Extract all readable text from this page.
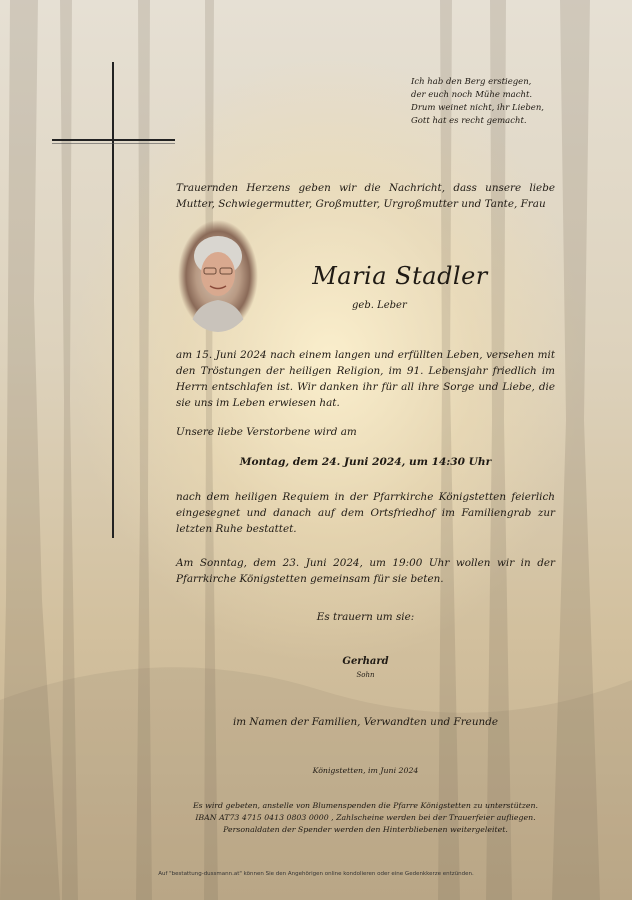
Ich hab den Berg erstiegen,
der euch noch Mühe macht.
Drum weinet nicht, ihr Lieben,
Gott hat es recht gemacht.
Trauernden Herzens geben wir die Nachricht, dass unsere liebe Mutter, Schwiegermutter, Großmutter, Urgroßmutter und Tante, Frau
Maria Stadler
geb. Leber
am 15. Juni 2024 nach einem langen und erfüllten Leben, versehen mit den Tröstungen der heiligen Religion, im 91. Lebensjahr friedlich im Herrn entschlafen ist. Wir danken ihr für all ihre Sorge und Liebe, die sie uns im Leben erwiesen hat.
Unsere liebe Verstorbene wird am
Montag, dem 24. Juni 2024, um 14:30 Uhr
nach dem heiligen Requiem in der Pfarrkirche Königstetten feierlich eingesegnet und danach auf dem Ortsfriedhof im Familiengrab zur letzten Ruhe bestattet.
Am Sonntag, dem 23. Juni 2024, um 19:00 Uhr wollen wir in der Pfarrkirche Königstetten gemeinsam für sie beten.
Es trauern um sie:
Gerhard
Sohn
im Namen der Familien, Verwandten und Freunde
Königstetten, im Juni 2024
Es wird gebeten, anstelle von Blumenspenden die Pfarre Königstetten zu unterstützen.
IBAN AT73 4715 0413 0803 0000 , Zahlscheine werden bei der Trauerfeier aufliegen.
Personaldaten der Spender werden den Hinterbliebenen weitergeleitet.
Auf "bestattung-dussmann.at" können Sie den Angehörigen online kondolieren oder eine Gedenkkerze entzünden.
